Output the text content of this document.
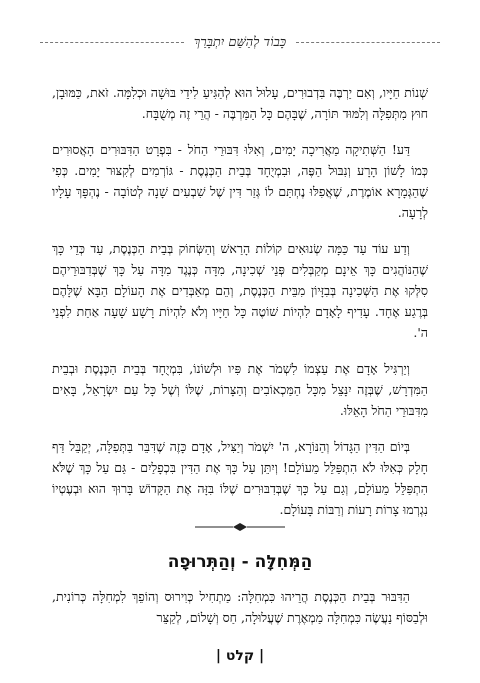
כָּבוֹד לְהַשֵּׁם יִתְבָּרַךְ

שְׁנוֹת חַיָּיו, וְאִם יַרְבֶּה בִּדְבוּרִים, עָלוּל הוּא לְהַגִּיעַ לִידֵי בּוּשָׁה וּכְלִמָּה. זֹאת, כַּמּוּבָן, חוּץ מִתְּפִלָּה וְלִמּוּד תּוֹרָה, שֶׁבָּהֶם כָּל הַמַּרְבֶּה - הֲרֵי זֶה מְשֻׁבָּח.

דַּע! הַשְּׁתִיקָה מַאֲרִיכָה יָמִים, וְאִלּוּ דִּבּוּרֵי הַחֹל - בִּפְרָט הַדִּבּוּרִים הָאֲסוּרִים כְּמוֹ לָשׁוֹן הָרָע וְנִבּוּל הַפֶּה, וּבִמְיֻחָד בְּבֵית הַכְּנֶסֶת - גּוֹרְמִים לְקִצּוּר יָמִים. כְּפִי שֶׁהַגְּמָרָא אוֹמֶרֶת, שֶׁאֲפִלּוּ נֶחְתַּם לוֹ גְּזַר דִּין שֶׁל שִׁבְעִים שָׁנָה לְטוֹבָה - נֶהְפָּךְ עָלָיו לְרָעָה.

וְדַע עוֹד עַד כַּמָּה שְׂנוּאִים קוֹלוֹת הָרַאשׁ וְהַשְּׂחוֹק בְּבֵית הַכְּנֶסֶת, עַד כְּדֵי כָּךְ שֶׁהַנּוֹהֲגִים כָּךְ אֵינָם מְקַבְּלִים פְּנֵי שְׁכִינָה, מִדָּה כְּנֶגֶד מִדָּה עַל כָּךְ שֶׁבְּדִבּוּרֵיהֶם סִלְּקוּ אֶת הַשְּׁכִינָה בְּבִזָּיוֹן מִבֵּית הַכְּנֶסֶת, וְהֵם מְאַבְּדִים אֶת הָעוֹלָם הַבָּא שֶׁלָּהֶם בְּרֶגַע אֶחָד. עָדִיף לָאָדָם לִהְיוֹת שׁוֹטֶה כָּל חַיָּיו וְלֹא לִהְיוֹת רָשָׁע שָׁעָה אַחַת לִפְנֵי ה'.

וְיַרְגִּיל אָדָם אֶת עַצְמוֹ לִשְׁמֹר אֶת פִּיו וּלְשׁוֹנוֹ, בִּמְיֻחָד בְּבֵית הַכְּנֶסֶת וּבְבֵית הַמִּדְרָשׁ, שֶׁבְּזֶה יִנָּצֵל מִכָּל הַמַּכְאוֹבִים וְהַצָּרוֹת, שֶׁלּוֹ וְשֶׁל כָּל עַם יִשְׂרָאֵל, בָּאִים מִדִּבּוּרֵי הַחֹל הָאֵלּוּ.

בְּיוֹם הַדִּין הַגָּדוֹל וְהַנּוֹרָא, ה' יִשְׁמֹר וְיַצִּיל, אָדָם כָּזֶה שֶׁדִּבֵּר בַּתְּפִלָּה, יְקַבֵּל דַּף חָלָק כְּאִלּוּ לֹא הִתְפַּלֵּל מֵעוֹלָם! וְיִתֵּן עַל כָּךְ אֶת הַדִּין בִּכְפָלַיִם - גַּם עַל כָּךְ שֶׁלֹּא הִתְפַּלֵּל מֵעוֹלָם, וְגַם עַל כָּךְ שֶׁבְּדִבּוּרִים שֶׁלּוֹ בִּזָּה אֶת הַקָּדוֹשׁ בָּרוּךְ הוּא וּבְעֶטְיוֹ נִגְרְמוּ צָרוֹת רָעוֹת וְרַבּוֹת בָּעוֹלָם.

הַמְּחִלָּה - וְהַתְּרוּפָה

הַדִּבּוּר בְּבֵית הַכְּנֶסֶת הֲרֵיהוּ כִּמְחִלָּה: מַתְחִיל כְּוִירוּס וְהוֹפֵךְ לִמְחִלָּה כְּרוֹנִית, וּלְבַסּוֹף נַעֲשֶׂה כִּמְחִלָּה מַמְאֶרֶת שֶׁעֲלוּלָה, חַס וְשָׁלוֹם, לְקַצֵּר

| קלט |
